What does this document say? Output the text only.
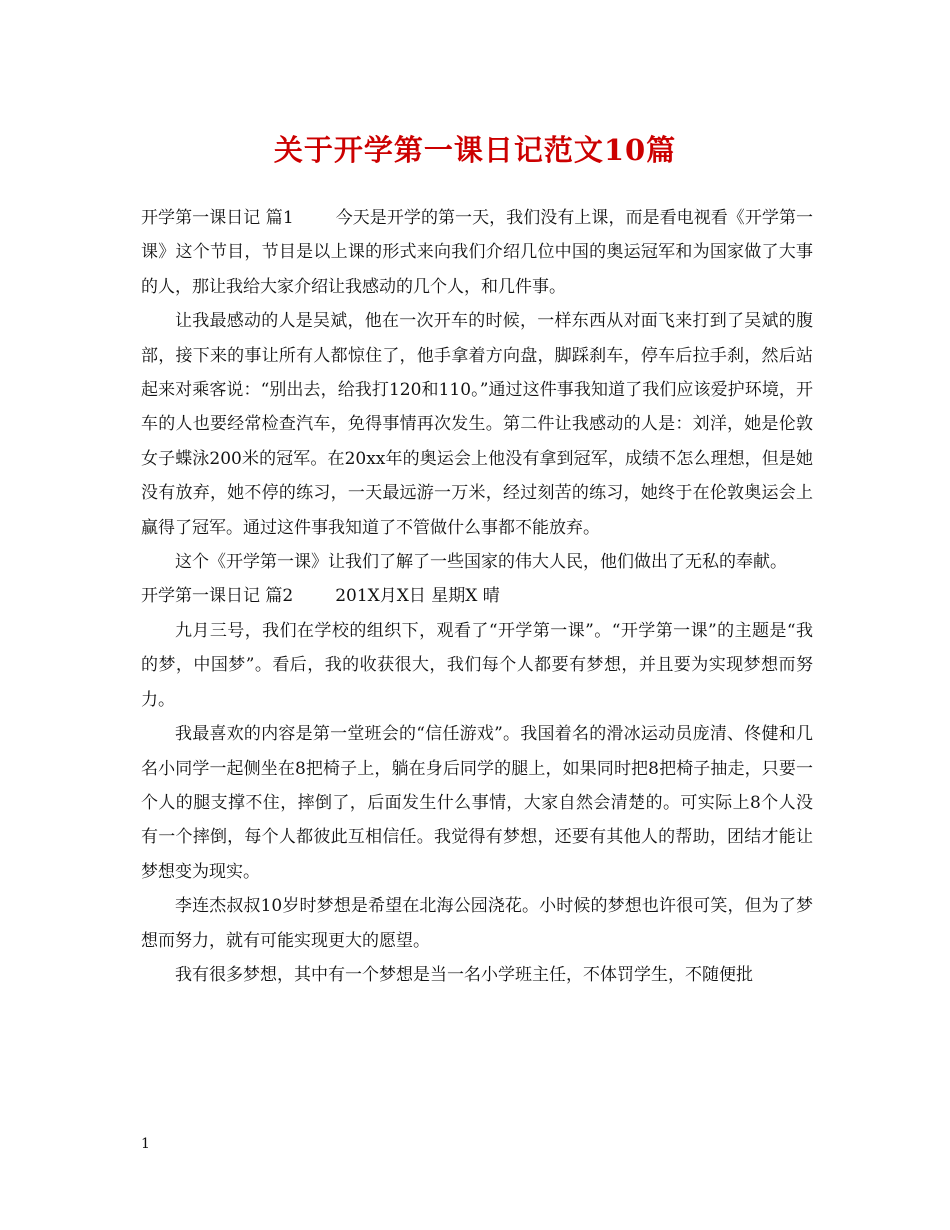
关于开学第一课日记范文10篇

开学第一课日记 篇1 今天是开学的第一天，我们没有上课，而是看电视看《开学第一课》这个节目，节目是以上课的形式来向我们介绍几位中国的奥运冠军和为国家做了大事的人，那让我给大家介绍让我感动的几个人，和几件事。

让我最感动的人是吴斌，他在一次开车的时候，一样东西从对面飞来打到了吴斌的腹部，接下来的事让所有人都惊住了，他手拿着方向盘，脚踩刹车，停车后拉手刹，然后站起来对乘客说：“别出去，给我打120和110。”通过这件事我知道了我们应该爱护环境，开车的人也要经常检查汽车，免得事情再次发生。第二件让我感动的人是：刘洋，她是伦敦女子蝶泳200米的冠军。在20xx年的奥运会上他没有拿到冠军，成绩不怎么理想，但是她没有放弃，她不停的练习，一天最远游一万米，经过刻苦的练习，她终于在伦敦奥运会上赢得了冠军。通过这件事我知道了不管做什么事都不能放弃。

这个《开学第一课》让我们了解了一些国家的伟大人民，他们做出了无私的奉献。

开学第一课日记 篇2 201X月X日 星期X 晴

九月三号，我们在学校的组织下，观看了“开学第一课”。“开学第一课”的主题是“我的梦，中国梦”。看后，我的收获很大，我们每个人都要有梦想，并且要为实现梦想而努力。

我最喜欢的内容是第一堂班会的“信任游戏”。我国着名的滑冰运动员庞清、佟健和几名小同学一起侧坐在8把椅子上，躺在身后同学的腿上，如果同时把8把椅子抽走，只要一个人的腿支撑不住，摔倒了，后面发生什么事情，大家自然会清楚的。可实际上8个人没有一个摔倒，每个人都彼此互相信任。我觉得有梦想，还要有其他人的帮助，团结才能让梦想变为现实。

李连杰叔叔10岁时梦想是希望在北海公园浇花。小时候的梦想也许很可笑，但为了梦想而努力，就有可能实现更大的愿望。

我有很多梦想，其中有一个梦想是当一名小学班主任，不体罚学生，不随便批

1
